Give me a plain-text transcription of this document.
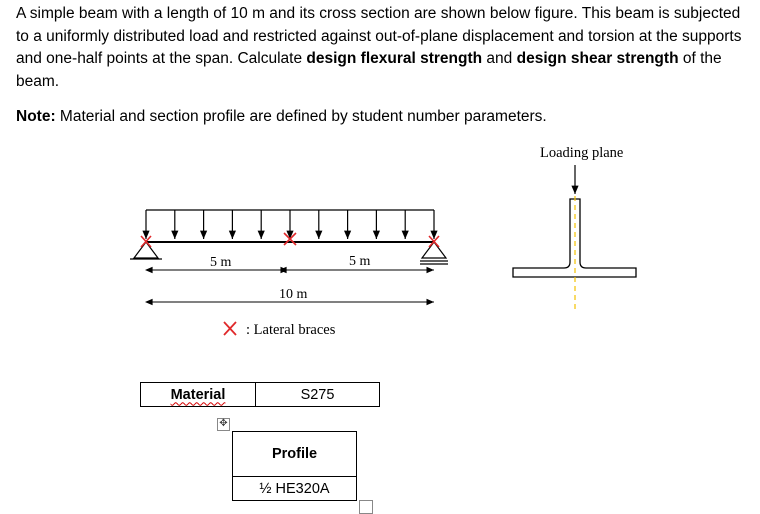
A simple beam with a length of 10 m and its cross section are shown below figure. This beam is subjected to a uniformly distributed load and restricted against out-of-plane displacement and torsion at the supports and one-half points at the span. Calculate design flexural strength and design shear strength of the beam.
Note: Material and section profile are defined by student number parameters.
5 m	5 m
10 m
: Lateral braces
Loading plane
Material	S275
✥
Profile
½ HE320A
